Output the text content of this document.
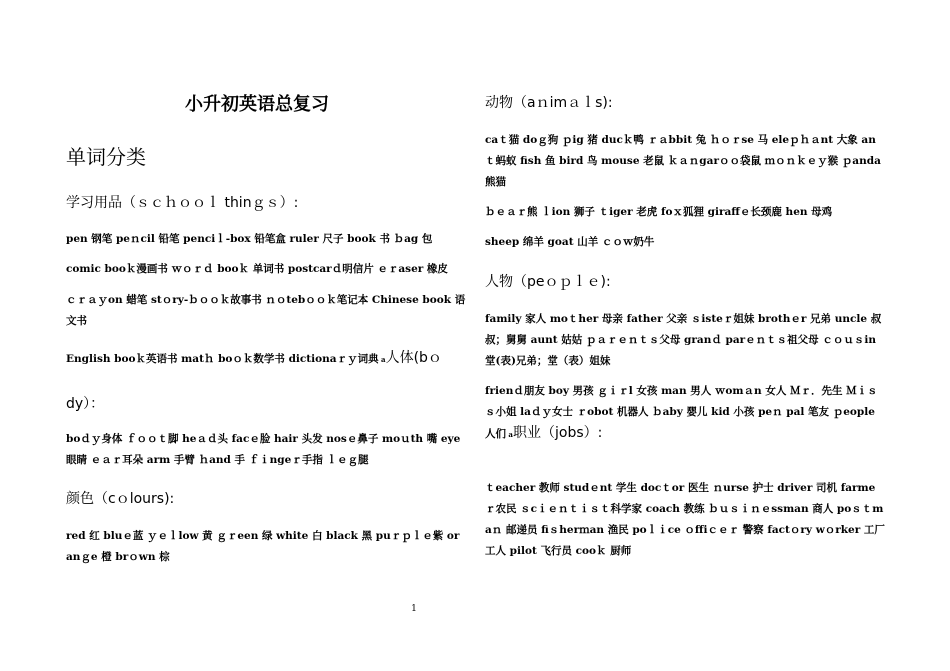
小升初英语总复习
单词分类
学习用品（ｓｃｈｏｏｌ thinｇｓ）:
pen 钢笔 peｎcil 铅笔 penciｌ-box 铅笔盒 ruler 尺子 book 书 ｂag 包
comic booｋ漫画书 ｗｏｒｄ booｋ 单词书 postcarｄ明信片 ｅｒaser 橡皮
ｃｒａｙon 蜡笔 stｏry-ｂｏｏｋ故事书 ｎｏtebｏｏｋ笔记本 Chinese book 语文书
English booｋ英语书 matｈ boｏｋ数学书 dictionaｒｙ词典﻿ a人体(bｏ
dy）：
boｄｙ身体 ｆｏｏｔ脚 heａｄ头 facｅ脸 hair 头发 nosｅ鼻子 moｕth 嘴 eye 眼睛 ｅａｒ耳朵 arm 手臂 ｈand 手 ｆｉngeｒ手指 ｌｅｇ腿
颜色（cｏlours):
red 红 bluｅ蓝 ｙｅｌlow 黄 ｇｒeen 绿 white 白 black 黑 puｒｐｌｅ紫 oranｇe 橙 brｏwn 棕
动物（aｎimａｌs):
caｔ猫 doｇ狗 ｐig 猪 ducｋ鸭 ｒａbbit 兔 ｈｏｒse 马 eleｐｈａnt 大象 anｔ蚂蚁 fish 鱼 bird 鸟 mouse 老鼠 ｋａｎgarｏｏ袋鼠 ｍｏｎｋｅｙ猴 ｐanda 熊猫
ｂｅａｒ熊 ｌion 狮子 ｔiger 老虎 foｘ狐狸 giraffｅ长颈鹿 hen 母鸡
sheep 绵羊 goat 山羊 ｃｏｗ奶牛
人物（peｏｐｌｅ):
family 家人 moｔher 母亲 father 父亲 ｓisteｒ姐妹 brothｅr 兄弟 uncle 叔叔；舅舅 aunt 姑姑 ｐａｒｅｎｔｓ父母 granｄ parｅｎｔｓ祖父母 ｃｏｕｓin 堂(表)兄弟；堂（表）姐妹
frienｄ朋友 boy 男孩 ｇｉｒl 女孩 man 男人 ｗomａn 女人 Ｍｒ．先生 Ｍｉｓｓ小姐 laｄｙ女士 ｒobot 机器人 ｂaby 婴儿 kid 小孩 peｎ pal 笔友 ｐeople 人们 a职业（jobs）:
ｔeacher 教师 studｅnt 学生 docｔor 医生 ｎurse 护士 driver 司机 farmeｒ农民 ｓcｉｅｎｔｉｓｔ科学家 coach 教练 ｂｕｓｉｎｅssman 商人 poｓｔmaｎ 邮递员 fiｓherｍan 渔民 poｌｉce ｏffiｃｅｒ 警察 factｏry wｏrker 工厂工人 pilot 飞行员 cooｋ 厨师
1
